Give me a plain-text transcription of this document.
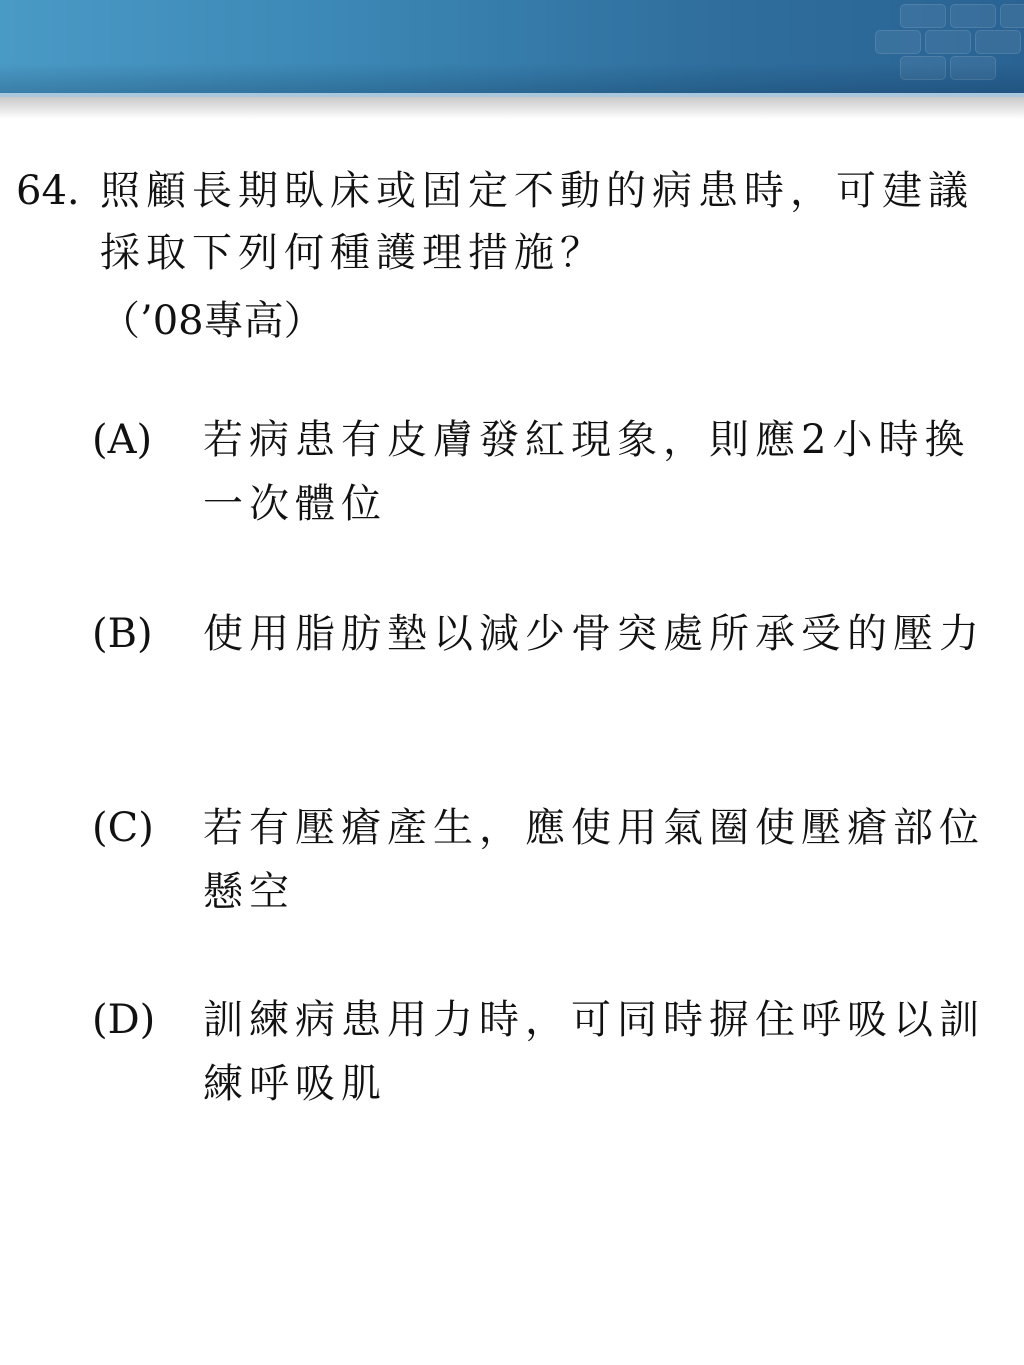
64. 照顧長期臥床或固定不動的病患時，可建議採取下列何種護理措施？
（’08專高）
(A) 若病患有皮膚發紅現象，則應2小時換一次體位
(B) 使用脂肪墊以減少骨突處所承受的壓力
(C) 若有壓瘡產生，應使用氣圈使壓瘡部位懸空
(D) 訓練病患用力時，可同時摒住呼吸以訓練呼吸肌
